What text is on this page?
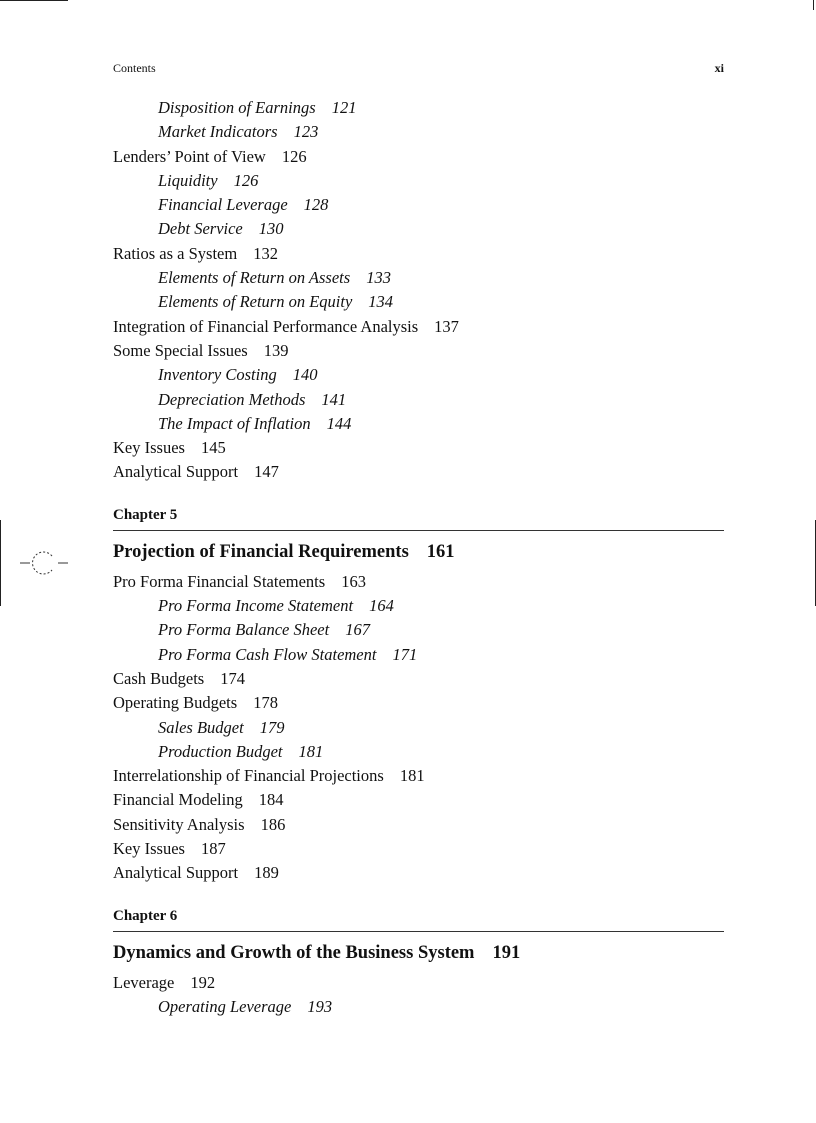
Contents	xi
Disposition of Earnings 121
Market Indicators 123
Lenders’ Point of View 126
Liquidity 126
Financial Leverage 128
Debt Service 130
Ratios as a System 132
Elements of Return on Assets 133
Elements of Return on Equity 134
Integration of Financial Performance Analysis 137
Some Special Issues 139
Inventory Costing 140
Depreciation Methods 141
The Impact of Inflation 144
Key Issues 145
Analytical Support 147
Chapter 5
Projection of Financial Requirements 161
Pro Forma Financial Statements 163
Pro Forma Income Statement 164
Pro Forma Balance Sheet 167
Pro Forma Cash Flow Statement 171
Cash Budgets 174
Operating Budgets 178
Sales Budget 179
Production Budget 181
Interrelationship of Financial Projections 181
Financial Modeling 184
Sensitivity Analysis 186
Key Issues 187
Analytical Support 189
Chapter 6
Dynamics and Growth of the Business System 191
Leverage 192
Operating Leverage 193
